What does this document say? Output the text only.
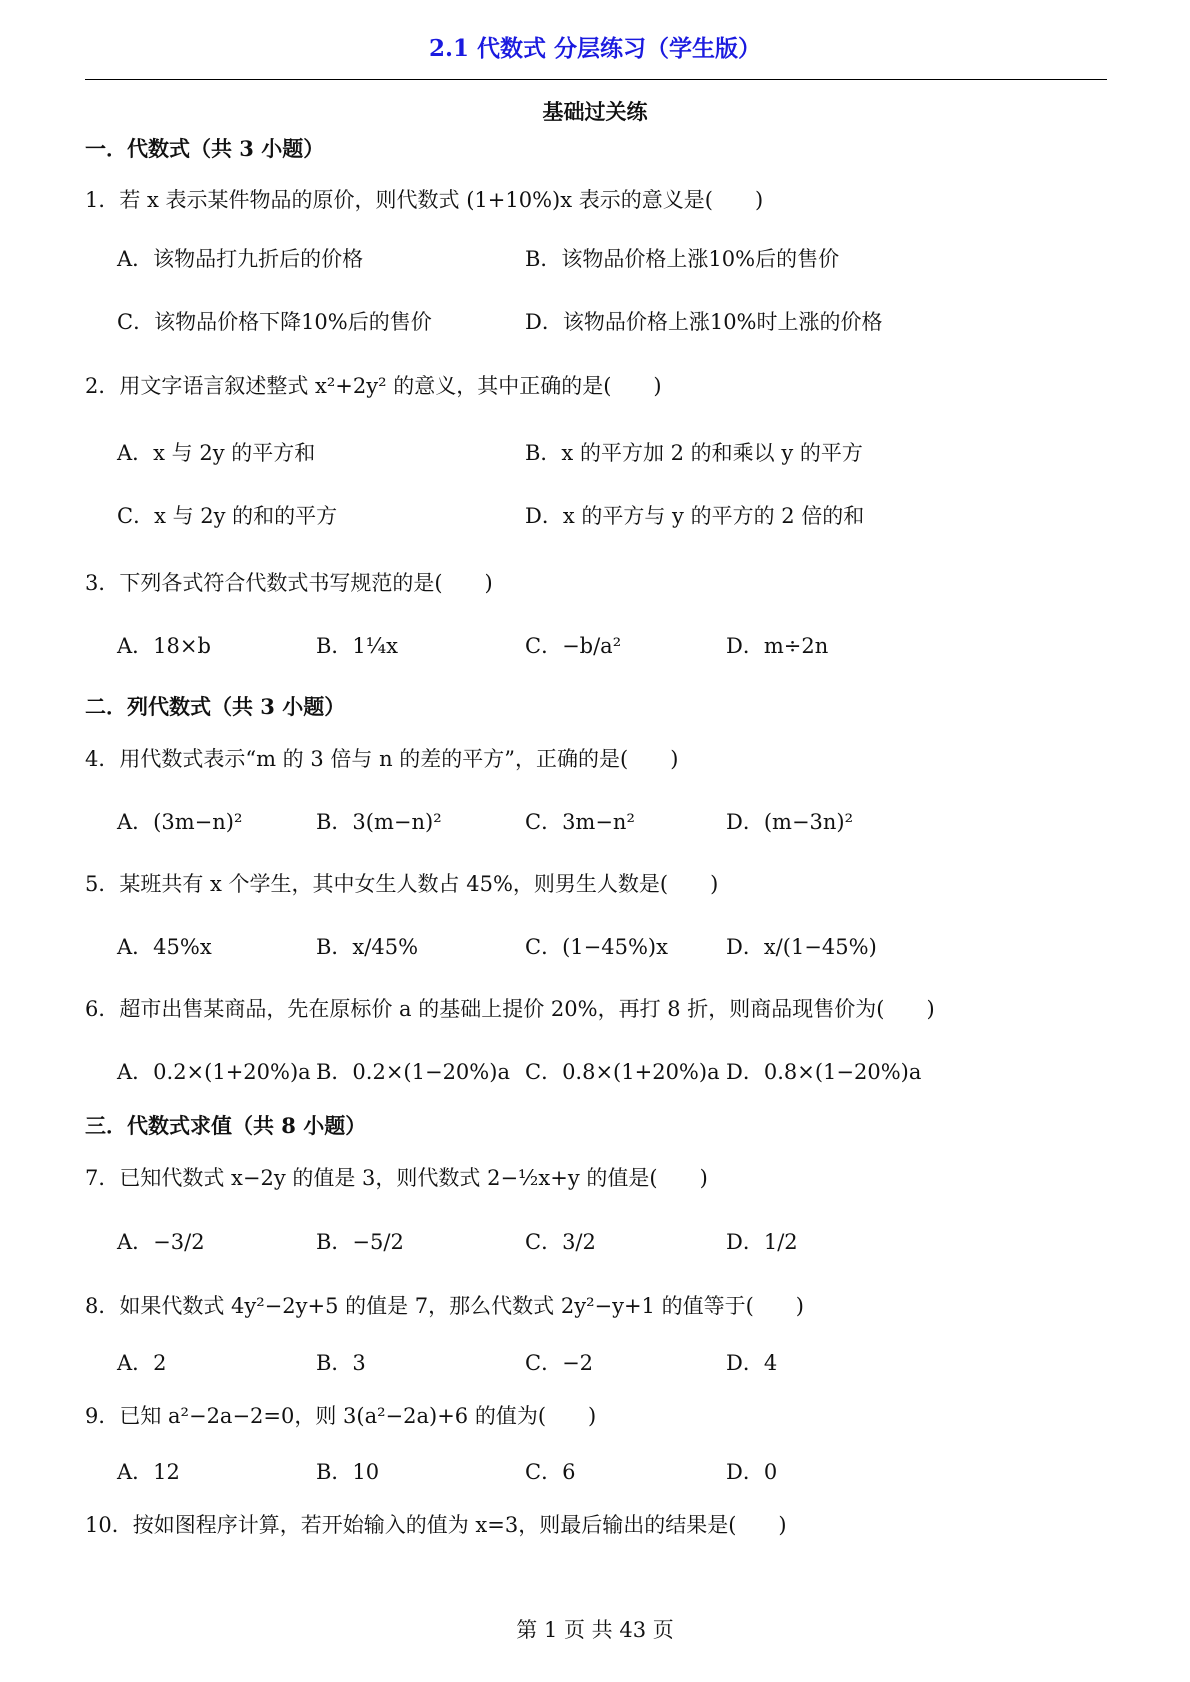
2.1 代数式 分层练习（学生版）
基础过关练
一．代数式（共 3 小题）
1．若 x 表示某件物品的原价，则代数式 (1+10%)x 表示的意义是(　　)
A．该物品打九折后的价格	B．该物品价格上涨10%后的售价
C．该物品价格下降10%后的售价	D．该物品价格上涨10%时上涨的价格
2．用文字语言叙述整式 x²+2y² 的意义，其中正确的是(　　)
A．x 与 2y 的平方和	B．x 的平方加 2 的和乘以 y 的平方
C．x 与 2y 的和的平方	D．x 的平方与 y 的平方的 2 倍的和
3．下列各式符合代数式书写规范的是(　　)
A．18×b	B．1¼x	C．−b/a²	D．m÷2n
二．列代数式（共 3 小题）
4．用代数式表示“m 的 3 倍与 n 的差的平方”，正确的是(　　)
A．(3m−n)²	B．3(m−n)²	C．3m−n²	D．(m−3n)²
5．某班共有 x 个学生，其中女生人数占 45%，则男生人数是(　　)
A．45%x	B．x/45%	C．(1−45%)x	D．x/(1−45%)
6．超市出售某商品，先在原标价 a 的基础上提价 20%，再打 8 折，则商品现售价为(　　)
A．0.2×(1+20%)a B．0.2×(1−20%)a C．0.8×(1+20%)a D．0.8×(1−20%)a
三．代数式求值（共 8 小题）
7．已知代数式 x−2y 的值是 3，则代数式 2−½x+y 的值是(　　)
A．−3/2	B．−5/2	C．3/2	D．1/2
8．如果代数式 4y²−2y+5 的值是 7，那么代数式 2y²−y+1 的值等于(　　)
A．2	B．3	C．−2	D．4
9．已知 a²−2a−2=0，则 3(a²−2a)+6 的值为(　　)
A．12	B．10	C．6	D．0
10．按如图程序计算，若开始输入的值为 x=3，则最后输出的结果是(　　)
第 1 页 共 43 页
